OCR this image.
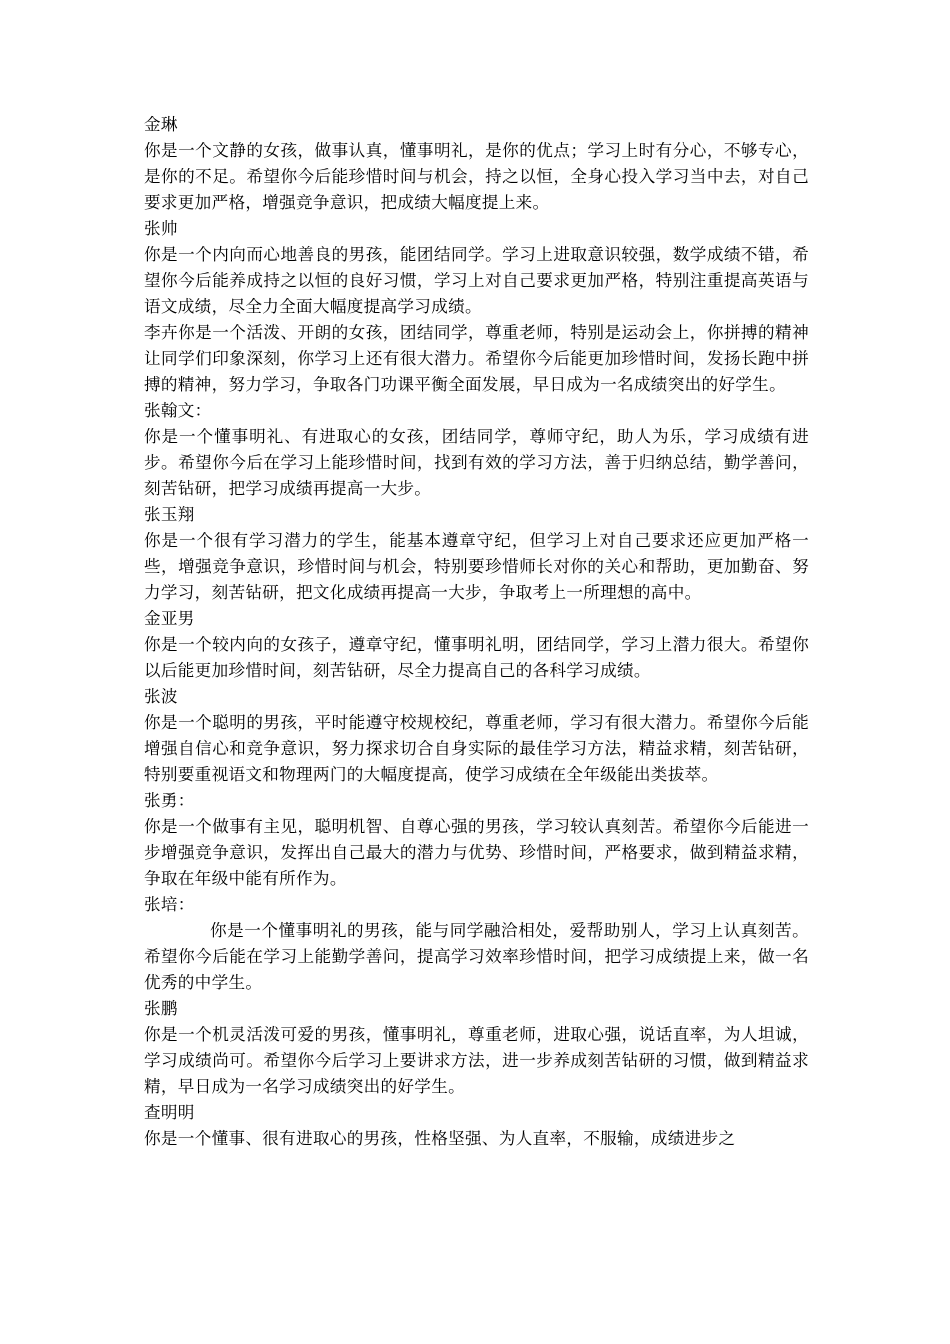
金琳

你是一个文静的女孩，做事认真，懂事明礼，是你的优点；学习上时有分心，不够专心，是你的不足。希望你今后能珍惜时间与机会，持之以恒，全身心投入学习当中去，对自己要求更加严格，增强竞争意识，把成绩大幅度提上来。

张帅

你是一个内向而心地善良的男孩，能团结同学。学习上进取意识较强，数学成绩不错，希望你今后能养成持之以恒的良好习惯，学习上对自己要求更加严格，特别注重提高英语与语文成绩，尽全力全面大幅度提高学习成绩。

李卉你是一个活泼、开朗的女孩，团结同学，尊重老师，特别是运动会上，你拼搏的精神让同学们印象深刻，你学习上还有很大潜力。希望你今后能更加珍惜时间，发扬长跑中拼搏的精神，努力学习，争取各门功课平衡全面发展，早日成为一名成绩突出的好学生。

张翰文：

你是一个懂事明礼、有进取心的女孩，团结同学，尊师守纪，助人为乐，学习成绩有进步。希望你今后在学习上能珍惜时间，找到有效的学习方法，善于归纳总结，勤学善问，刻苦钻研，把学习成绩再提高一大步。

张玉翔

你是一个很有学习潜力的学生，能基本遵章守纪，但学习上对自己要求还应更加严格一些，增强竞争意识，珍惜时间与机会，特别要珍惜师长对你的关心和帮助，更加勤奋、努力学习，刻苦钻研，把文化成绩再提高一大步，争取考上一所理想的高中。

金亚男

你是一个较内向的女孩子，遵章守纪，懂事明礼明，团结同学，学习上潜力很大。希望你以后能更加珍惜时间，刻苦钻研，尽全力提高自己的各科学习成绩。

张波

你是一个聪明的男孩，平时能遵守校规校纪，尊重老师，学习有很大潜力。希望你今后能增强自信心和竞争意识，努力探求切合自身实际的最佳学习方法，精益求精，刻苦钻研，特别要重视语文和物理两门的大幅度提高，使学习成绩在全年级能出类拔萃。

张勇：

你是一个做事有主见，聪明机智、自尊心强的男孩，学习较认真刻苦。希望你今后能进一步增强竞争意识，发挥出自己最大的潜力与优势、珍惜时间，严格要求，做到精益求精，争取在年级中能有所作为。

张培：

你是一个懂事明礼的男孩，能与同学融洽相处，爱帮助别人，学习上认真刻苦。希望你今后能在学习上能勤学善问，提高学习效率珍惜时间，把学习成绩提上来，做一名优秀的中学生。

张鹏

你是一个机灵活泼可爱的男孩，懂事明礼，尊重老师，进取心强，说话直率，为人坦诚，学习成绩尚可。希望你今后学习上要讲求方法，进一步养成刻苦钻研的习惯，做到精益求精，早日成为一名学习成绩突出的好学生。

查明明

你是一个懂事、很有进取心的男孩，性格坚强、为人直率，不服输，成绩进步之
